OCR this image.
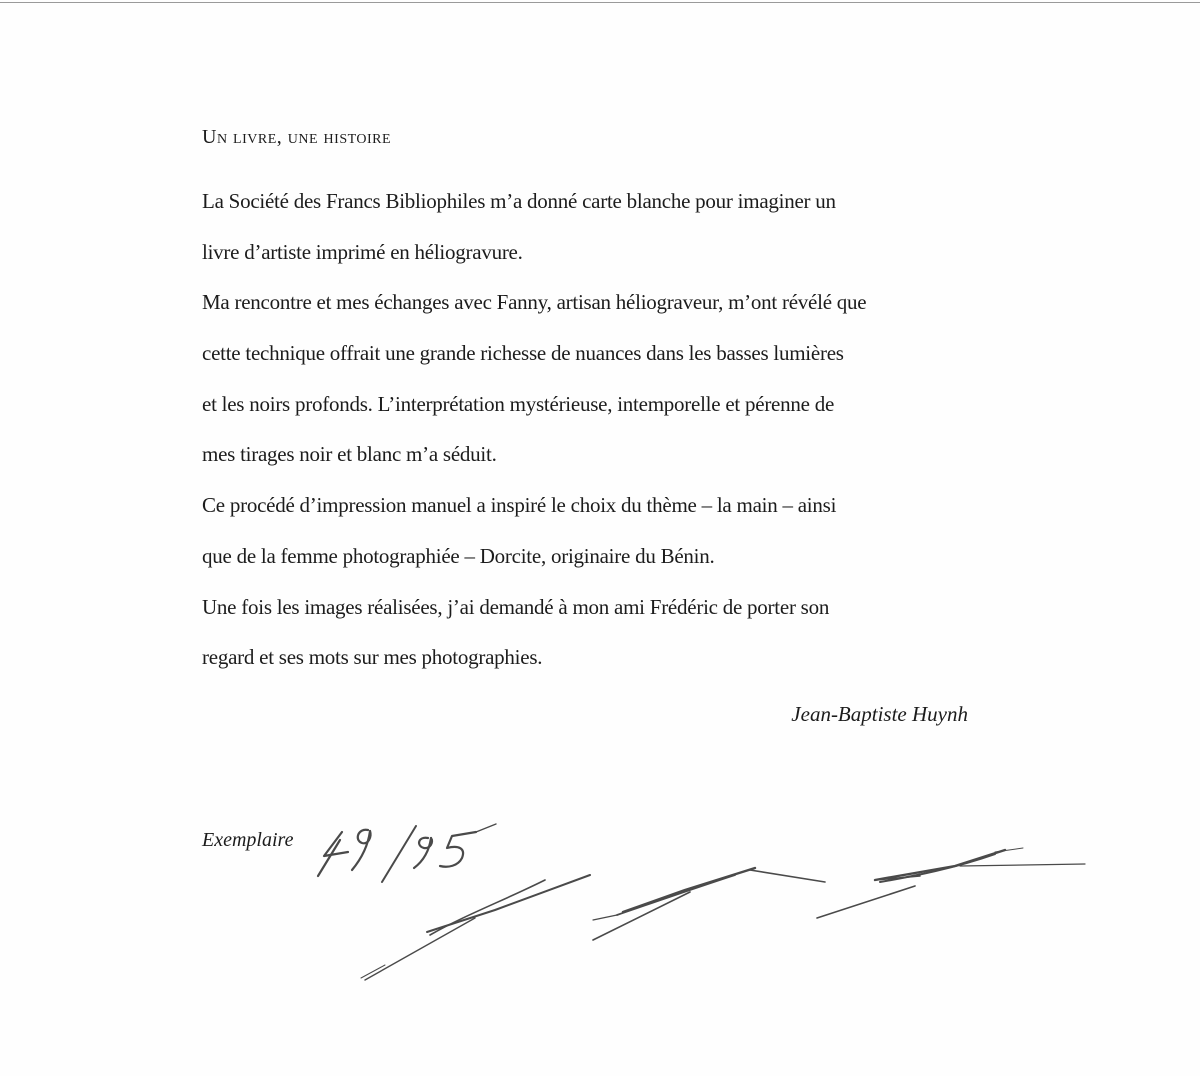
Un livre, une histoire
La Société des Francs Bibliophiles m’a donné carte blanche pour imaginer un
livre d’artiste imprimé en héliogravure.
Ma rencontre et mes échanges avec Fanny, artisan héliograveur, m’ont révélé que
cette technique offrait une grande richesse de nuances dans les basses lumières
et les noirs profonds. L’interprétation mystérieuse, intemporelle et pérenne de
mes tirages noir et blanc m’a séduit.
Ce procédé d’impression manuel a inspiré le choix du thème – la main – ainsi
que de la femme photographiée – Dorcite, originaire du Bénin.
Une fois les images réalisées, j’ai demandé à mon ami Frédéric de porter son
regard et ses mots sur mes photographies.
Jean-Baptiste Huynh
Exemplaire
